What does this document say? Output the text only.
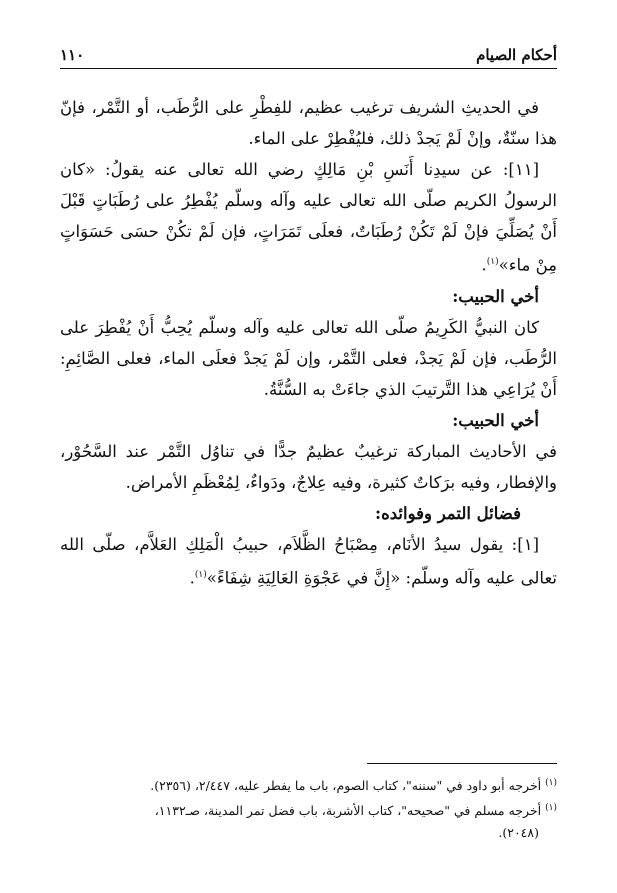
أحكام الصيام
١١٠

في الحديثِ الشريف ترغيب عظيم، للفِطْرِ على الرُّطَب، أو التَّمْر، فإنّ هذا سنّةٌ، وإنْ لَمْ يَجدْ ذلك، فليُفْطِرْ على الماء.

[١١]: عن سيدِنا أَنَسِ بْنِ مَالِكٍ رضي الله تعالى عنه يقولُ: «كان الرسولُ الكريم صلّى الله تعالى عليه وآله وسلّم يُفْطِرُ على رُطَبَاتٍ قَبْلَ أَنْ يُصَلِّيَ فإنْ لَمْ تَكُنْ رُطَبَاتٌ، فعلَى تَمَرَاتٍ، فإن لَمْ تكُنْ حسَى حَسَوَاتٍ مِنْ ماء»$^{(١)}$.

أخي الحبيب:

كان النبيُّ الكَرِيمُ صلّى الله تعالى عليه وآله وسلّم يُحِبُّ أَنْ يُفْطِرَ على الرُّطَب، فإن لَمْ يَجدْ، فعلى التَّمْر، وإن لَمْ يَجدْ فعلَى الماء، فعلى الصَّائِمِ: أَنْ يُرَاعِي هذا التَّرتيبَ الذي جاءَتْ به السُّنَّةُ.

أخي الحبيب:

في الأحاديث المباركة ترغيبٌ عظيمٌ جدًّا في تناوُل التَّمْر عند السَّحُوْر، والإفطار، وفيه برَكاتٌ كثيرة، وفيه عِلاجٌ، ودَواءٌ، لِمُعْظَمِ الأمراض.

فضائل التمر وفوائده:

[١]: يقول سيدُ الأنَام، مِصْبَاحُ الظَّلاَم، حبيبُ الْمَلِكِ العَلاَّم، صلّى الله تعالى عليه وآله وسلّم: «إِنَّ في عَجْوَةِ العَالِيَةِ شِفَاءً»$^{(١)}$.

$^{(١)}$ أخرجه أبو داود في "سننه"، كتاب الصوم، باب ما يفطر عليه، ٢/٤٤٧، (٢٣٥٦).

$^{(١)}$ أخرجه مسلم في "صحيحه"، كتاب الأشربة، باب فضل تمر المدينة، صـ١١٣٢،

(٢٠٤٨).
